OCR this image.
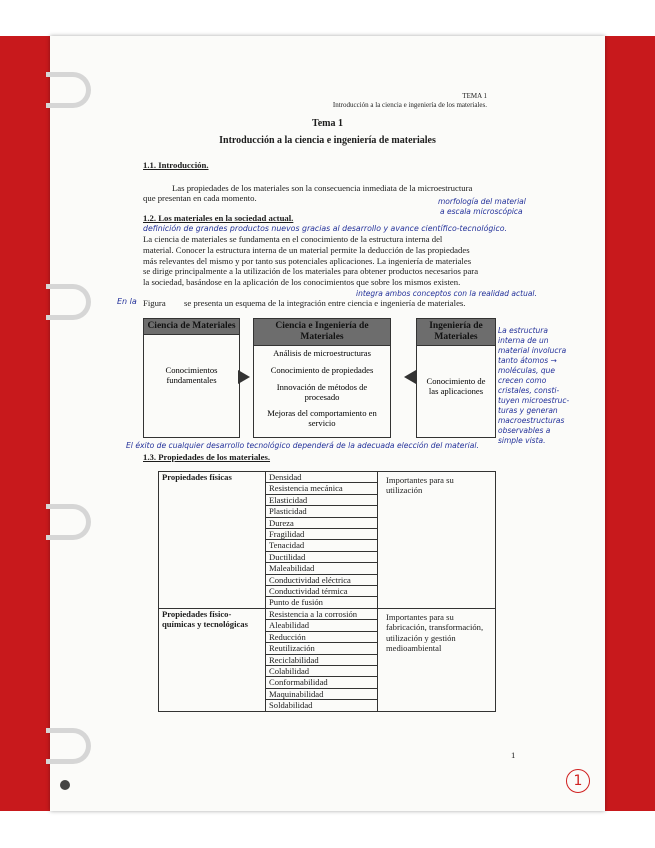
TEMA 1
Introducción a la ciencia e ingeniería de los materiales.
Tema 1
Introducción a la ciencia e ingeniería de materiales
1.1. Introducción.
Las propiedades de los materiales son la consecuencia inmediata de la microestructura
que presentan en cada momento.	morfología del material
a escala microscópica
1.2. Los materiales en la sociedad actual.
definición de grandes productos nuevos gracias al desarrollo y avance científico-tecnológico.
La ciencia de materiales se fundamenta en el conocimiento de la estructura interna del
material. Conocer la estructura interna de un material permite la deducción de las propiedades
más relevantes del mismo y por tanto sus potenciales aplicaciones. La ingeniería de materiales
se dirige principalmente a la utilización de los materiales para obtener productos necesarios para
la sociedad, basándose en la aplicación de los conocimientos que sobre los mismos existen.
integra ambos conceptos con la realidad actual.
En la Figura se presenta un esquema de la integración entre ciencia e ingeniería de materiales.
Ciencia de Materiales
Conocimientos fundamentales
Ciencia e Ingeniería de Materiales
Análisis de microestructuras
Conocimiento de propiedades
Innovación de métodos de procesado
Mejoras del comportamiento en servicio
Ingeniería de Materiales
Conocimiento de las aplicaciones
La estructura
interna de un
material involucra
tanto átomos →
moléculas, que
crecen como
cristales, consti-
tuyen microestruc-
turas y generan
macroestructuras
observables a
simple vista.
El éxito de cualquier desarrollo tecnológico dependerá de la adecuada elección del material.
1.3. Propiedades de los materiales.
Propiedades físicas	Densidad	Importantes para su utilización
	Resistencia mecánica	
	Elasticidad	
	Plasticidad	
	Dureza	
	Fragilidad	
	Tenacidad	
	Ductilidad	
	Maleabilidad	
	Conductividad eléctrica	
	Conductividad térmica	
	Punto de fusión	
Propiedades físico-químicas y tecnológicas	Resistencia a la corrosión	Importantes para su fabricación, transformación, utilización y gestión medioambiental
	Aleabilidad	
	Reducción	
	Reutilización	
	Reciclabilidad	
	Colabilidad	
	Conformabilidad	
	Maquinabilidad	
	Soldabilidad	
1
1
